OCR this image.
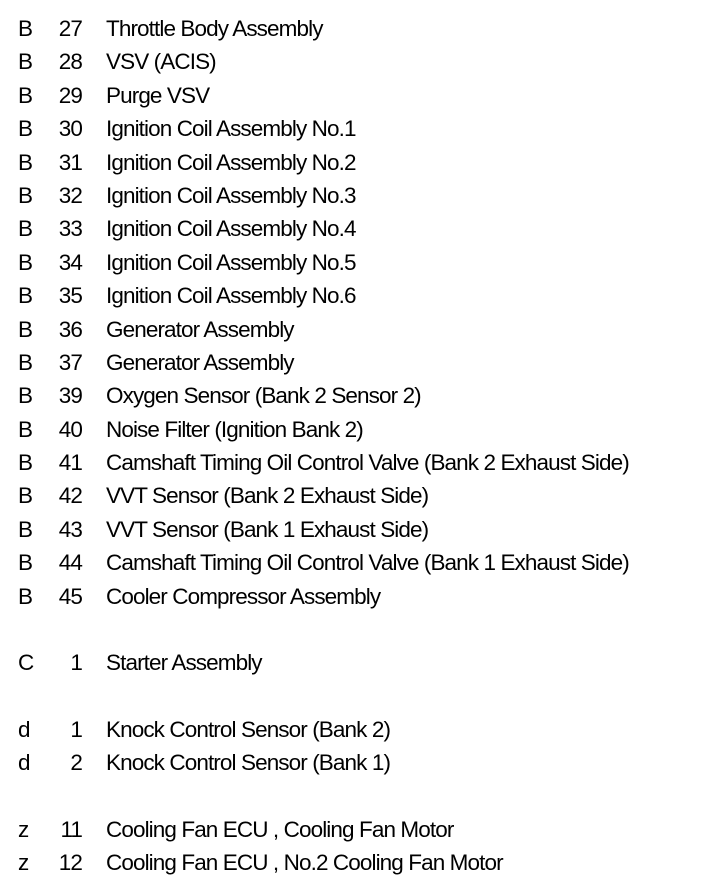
B	27 Throttle Body Assembly
B	28 VSV (ACIS)
B	29 Purge VSV
B	30 Ignition Coil Assembly No.1
B	31 Ignition Coil Assembly No.2
B	32 Ignition Coil Assembly No.3
B	33 Ignition Coil Assembly No.4
B	34 Ignition Coil Assembly No.5
B	35 Ignition Coil Assembly No.6
B	36 Generator Assembly
B	37 Generator Assembly
B	39 Oxygen Sensor (Bank 2 Sensor 2)
B	40 Noise Filter (Ignition Bank 2)
B	41 Camshaft Timing Oil Control Valve (Bank 2 Exhaust Side)
B	42 VVT Sensor (Bank 2 Exhaust Side)
B	43 VVT Sensor (Bank 1 Exhaust Side)
B	44 Camshaft Timing Oil Control Valve (Bank 1 Exhaust Side)
B	45 Cooler Compressor Assembly
C	1 Starter Assembly
d	1 Knock Control Sensor (Bank 2)
d	2 Knock Control Sensor (Bank 1)
z	11 Cooling Fan ECU , Cooling Fan Motor
z	12 Cooling Fan ECU , No.2 Cooling Fan Motor
